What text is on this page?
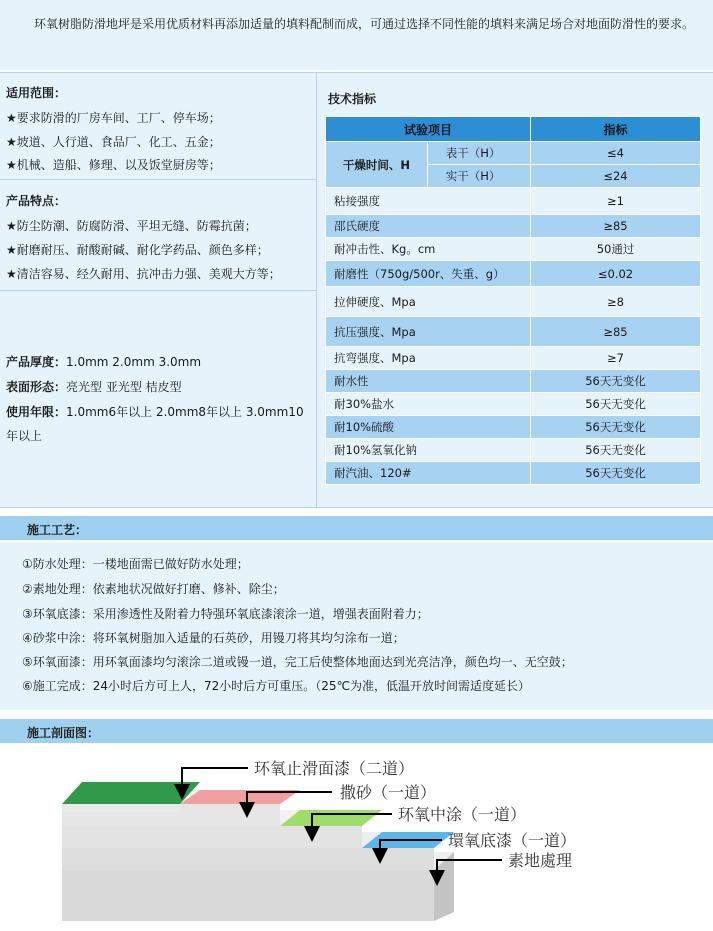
环氧树脂防滑地坪是采用优质材料再添加适量的填料配制而成，可通过选择不同性能的填料来满足场合对地面防滑性的要求。

适用范围：
★要求防滑的厂房车间、工厂、停车场；
★坡道、人行道、食品厂、化工、五金；
★机械、造船、修理、以及饭堂厨房等；
产品特点：
★防尘防潮、防腐防滑、平坦无缝、防霉抗菌；
★耐磨耐压、耐酸耐碱、耐化学药品、颜色多样；
★清洁容易、经久耐用、抗冲击力强、美观大方等；
产品厚度：1.0mm 2.0mm 3.0mm
表面形态：亮光型 亚光型 桔皮型
使用年限：1.0mm6年以上 2.0mm8年以上 3.0mm10
年以上
技术指标
试验项目		指标
干燥时间、H	表干（H）	≤4
	实干（H）	≤24
粘接强度		≥1
邵氏硬度		≥85
耐冲击性、Kg。cm		50通过
耐磨性（750g/500r、失重、g）		≤0.02
拉伸硬度、Mpa		≥8
抗压强度、Mpa		≥85
抗弯强度、Mpa		≥7
耐水性		56天无变化
耐30%盐水		56天无变化
耐10%硫酸		56天无变化
耐10%氢氧化钠		56天无变化
耐汽油、120#		56天无变化
施工工艺：
①防水处理：一楼地面需已做好防水处理；
②素地处理：依素地状况做好打磨、修补、除尘；
③环氧底漆：采用渗透性及附着力特强环氧底漆滚涂一道，增强表面附着力；
④砂浆中涂：将环氧树脂加入适量的石英砂，用镘刀将其均匀涂布一道；
⑤环氧面漆：用环氧面漆均匀滚涂二道或镘一道，完工后使整体地面达到光亮洁净，颜色均一、无空鼓；
⑥施工完成：24小时后方可上人，72小时后方可重压。（25℃为准，低温开放时间需适度延长）
施工剖面图：
环氧止滑面漆（二道）
撒砂（一道）
环氧中涂（一道）
環氧底漆（一道）
素地處理
